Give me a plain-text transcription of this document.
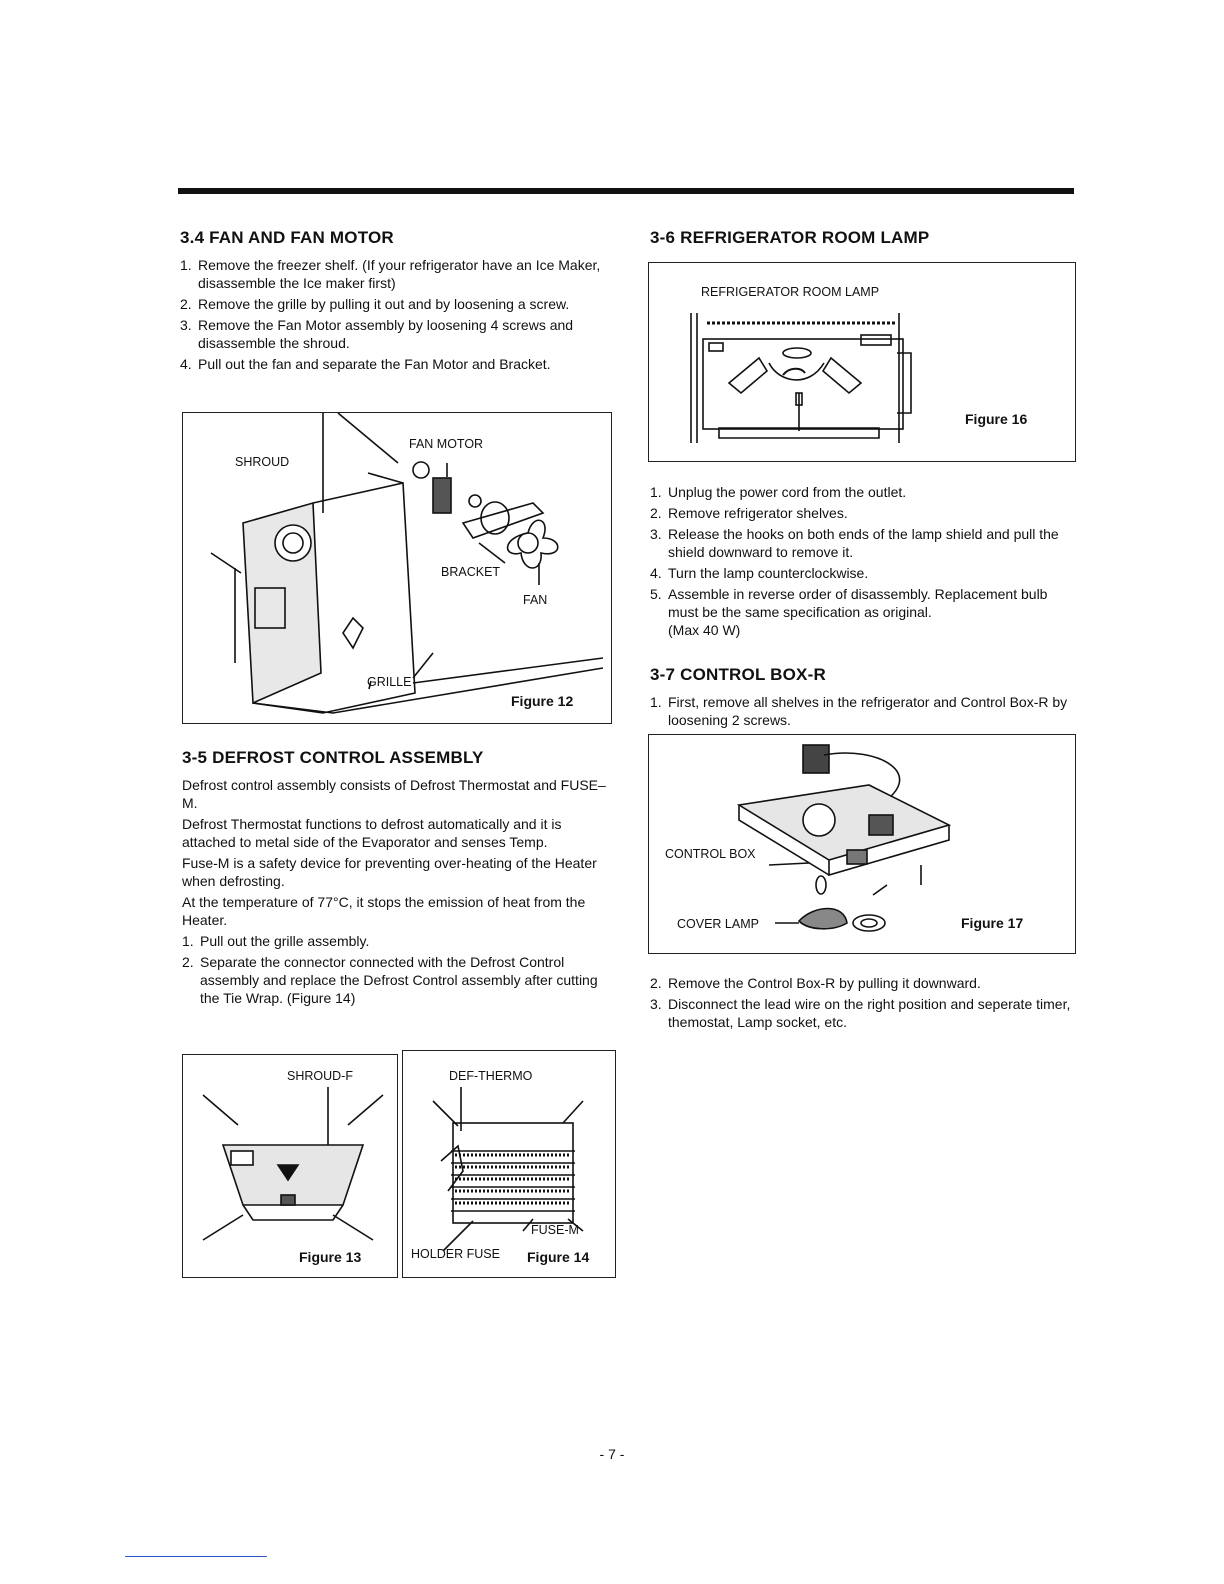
3.4 FAN AND FAN MOTOR
1. Remove the freezer shelf. (If your refrigerator have an Ice Maker, disassemble the Ice maker first)
2. Remove the grille by pulling it out and by loosening a screw.
3. Remove the Fan Motor assembly by loosening 4 screws and disassemble the shroud.
4. Pull out the fan and separate the Fan Motor and Bracket.
FAN MOTOR
SHROUD
BRACKET
FAN
GRILLE
Figure 12
3-5 DEFROST CONTROL ASSEMBLY

Defrost control assembly consists of Defrost Thermostat and FUSE–M.

Defrost Thermostat functions to defrost automatically and it is attached to metal side of the Evaporator and senses Temp.

Fuse-M is a safety device for preventing over-heating of the Heater when defrosting.

At the temperature of 77°C, it stops the emission of heat from the Heater.

1. Pull out the grille assembly.
2. Separate the connector connected with the Defrost Control assembly and replace the Defrost Control assembly after cutting the Tie Wrap. (Figure 14)
SHROUD-F
Figure 13
DEF-THERMO
FUSE-M
HOLDER FUSE Figure 14
3-6 REFRIGERATOR ROOM LAMP
REFRIGERATOR ROOM LAMP
Figure 16
1. Unplug the power cord from the outlet.
2. Remove refrigerator shelves.
3. Release the hooks on both ends of the lamp shield and pull the shield downward to remove it.
4. Turn the lamp counterclockwise.
5. Assemble in reverse order of disassembly. Replacement bulb must be the same specification as original.

(Max 40 W)

3-7 CONTROL BOX-R
1. First, remove all shelves in the refrigerator and Control Box-R by loosening 2 screws.
CONTROL BOX
COVER LAMP	Figure 17
2. Remove the Control Box-R by pulling it downward.
3. Disconnect the lead wire on the right position and seperate timer, themostat, Lamp socket, etc.
- 7 -
